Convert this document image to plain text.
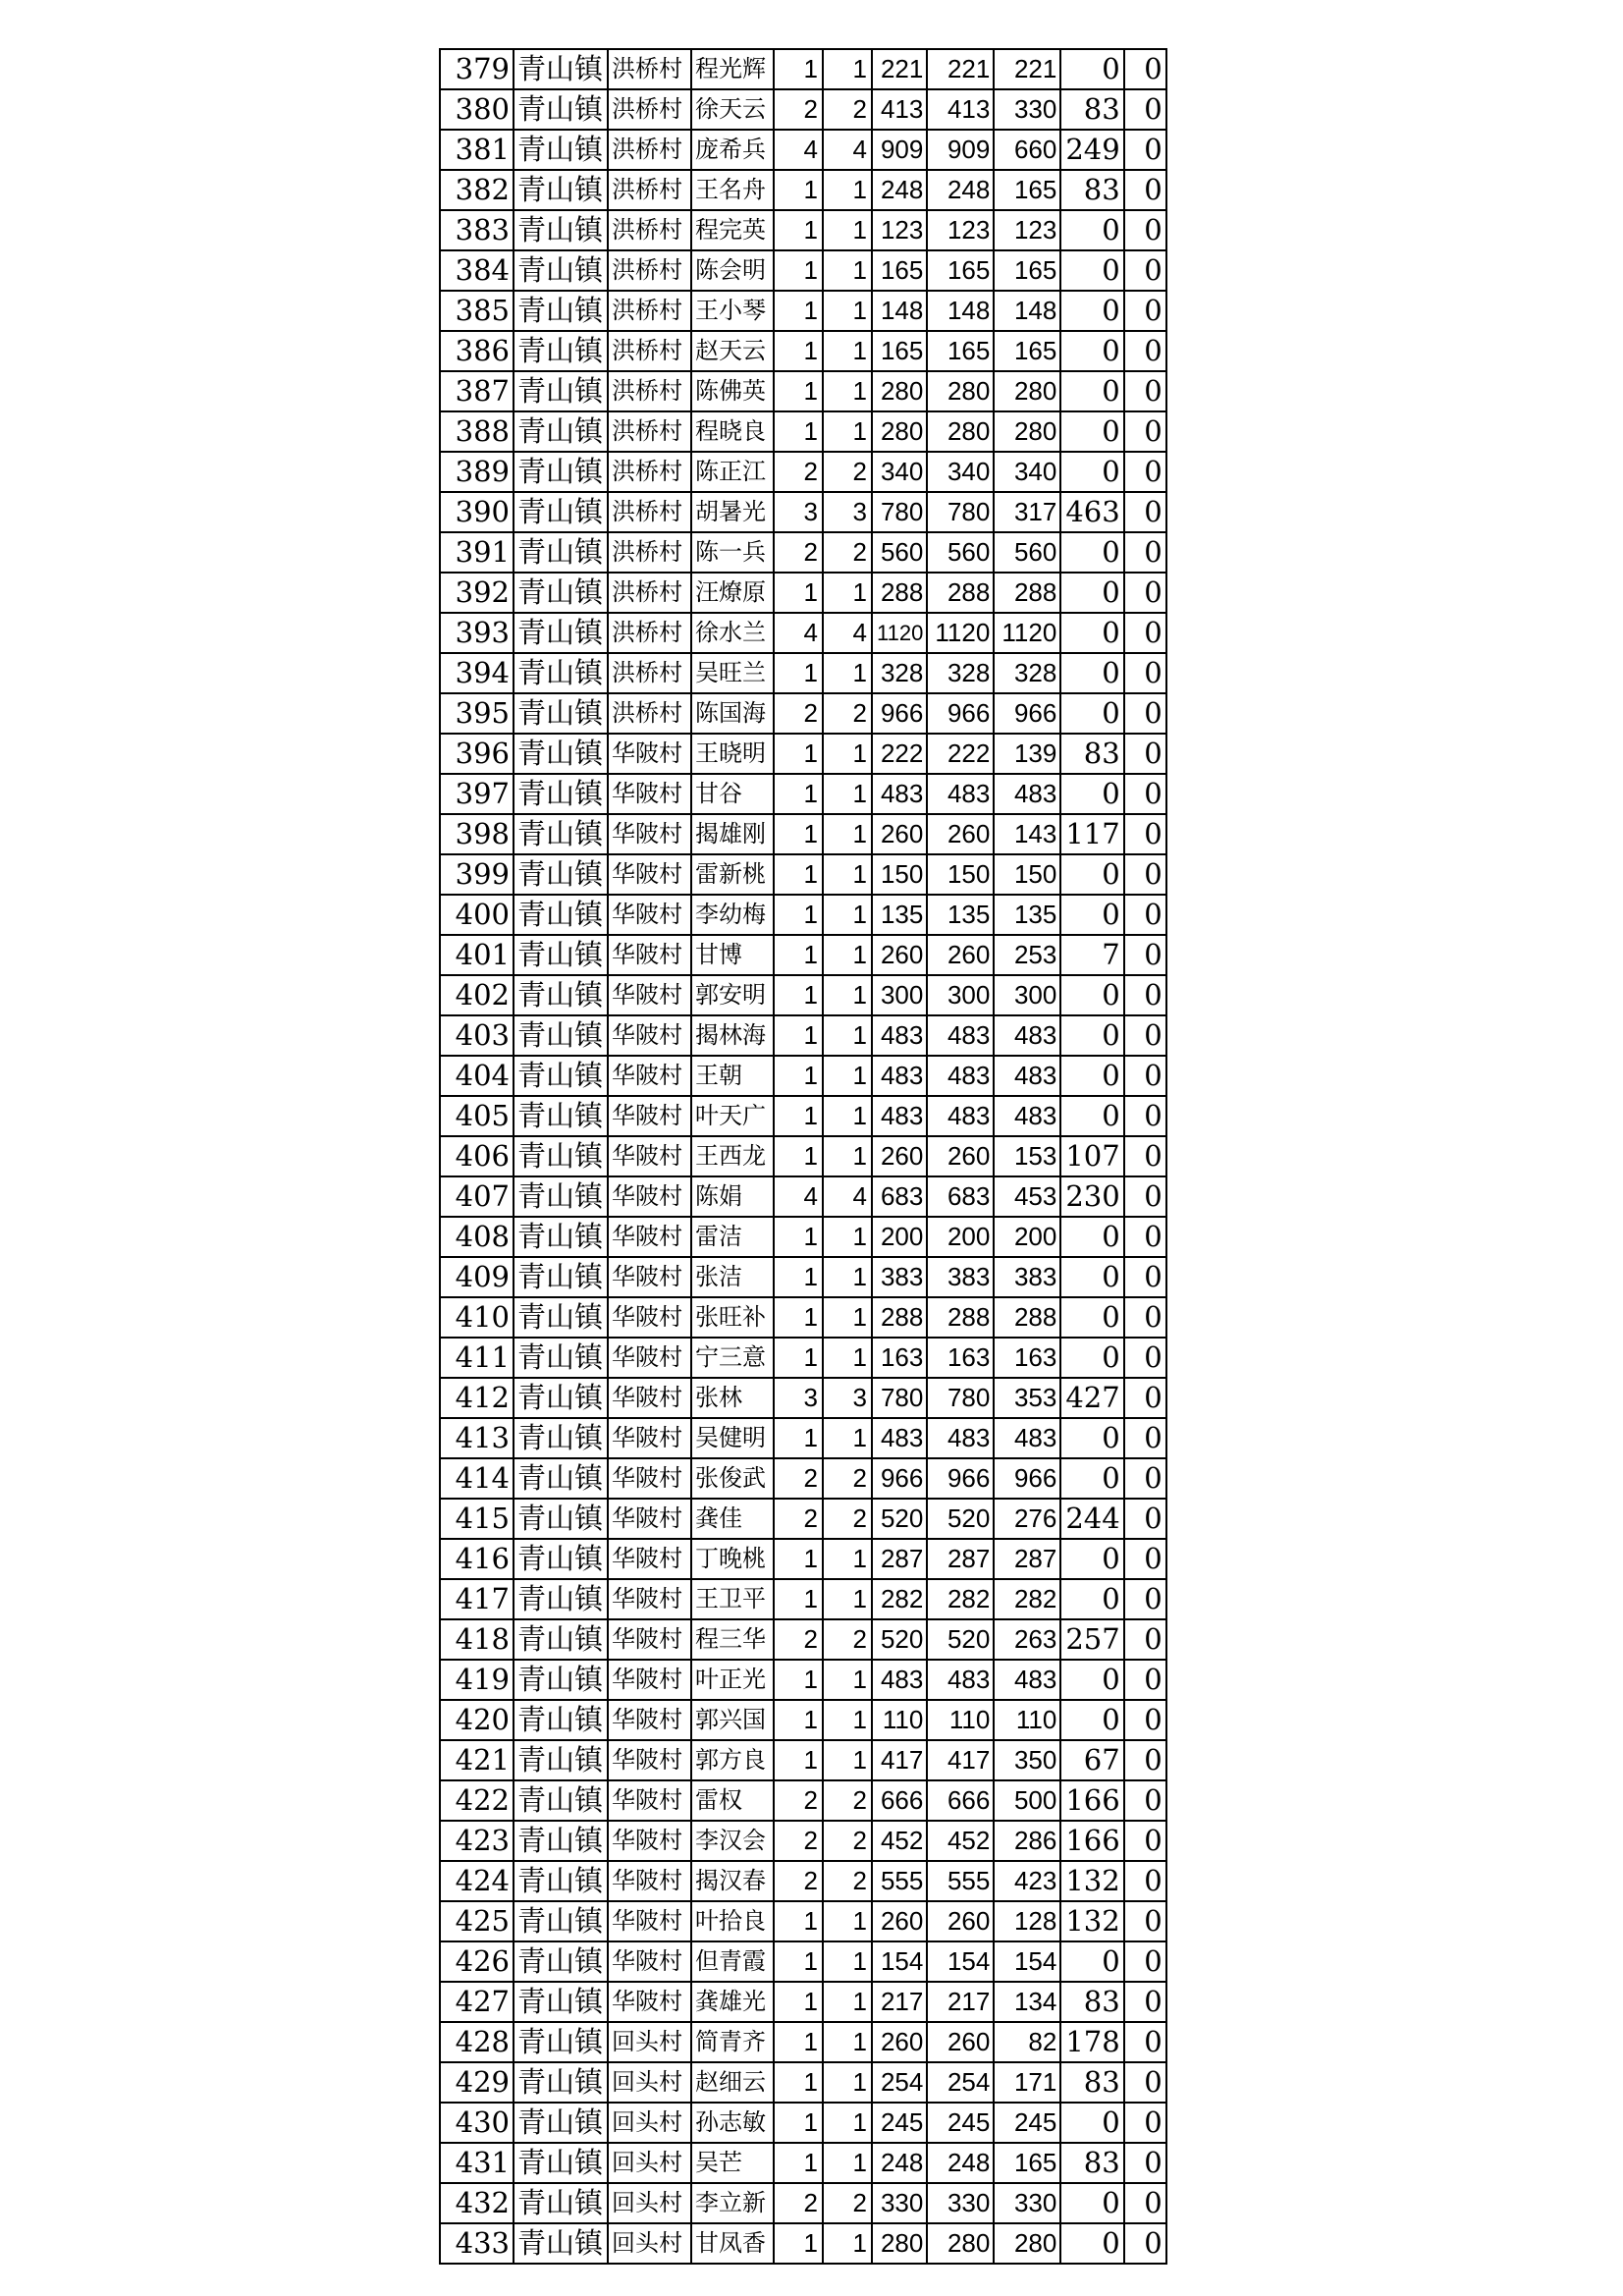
379	青山镇	洪桥村	程光辉	1	1	221	221	221	0	0
380	青山镇	洪桥村	徐天云	2	2	413	413	330	83	0
381	青山镇	洪桥村	庞希兵	4	4	909	909	660	249	0
382	青山镇	洪桥村	王名舟	1	1	248	248	165	83	0
383	青山镇	洪桥村	程完英	1	1	123	123	123	0	0
384	青山镇	洪桥村	陈会明	1	1	165	165	165	0	0
385	青山镇	洪桥村	王小琴	1	1	148	148	148	0	0
386	青山镇	洪桥村	赵天云	1	1	165	165	165	0	0
387	青山镇	洪桥村	陈佛英	1	1	280	280	280	0	0
388	青山镇	洪桥村	程晓良	1	1	280	280	280	0	0
389	青山镇	洪桥村	陈正江	2	2	340	340	340	0	0
390	青山镇	洪桥村	胡暑光	3	3	780	780	317	463	0
391	青山镇	洪桥村	陈一兵	2	2	560	560	560	0	0
392	青山镇	洪桥村	汪燎原	1	1	288	288	288	0	0
393	青山镇	洪桥村	徐水兰	4	4	1120	1120	1120	0	0
394	青山镇	洪桥村	吴旺兰	1	1	328	328	328	0	0
395	青山镇	洪桥村	陈国海	2	2	966	966	966	0	0
396	青山镇	华陂村	王晓明	1	1	222	222	139	83	0
397	青山镇	华陂村	甘谷	1	1	483	483	483	0	0
398	青山镇	华陂村	揭雄刚	1	1	260	260	143	117	0
399	青山镇	华陂村	雷新桃	1	1	150	150	150	0	0
400	青山镇	华陂村	李幼梅	1	1	135	135	135	0	0
401	青山镇	华陂村	甘博	1	1	260	260	253	7	0
402	青山镇	华陂村	郭安明	1	1	300	300	300	0	0
403	青山镇	华陂村	揭林海	1	1	483	483	483	0	0
404	青山镇	华陂村	王朝	1	1	483	483	483	0	0
405	青山镇	华陂村	叶天广	1	1	483	483	483	0	0
406	青山镇	华陂村	王西龙	1	1	260	260	153	107	0
407	青山镇	华陂村	陈娟	4	4	683	683	453	230	0
408	青山镇	华陂村	雷洁	1	1	200	200	200	0	0
409	青山镇	华陂村	张洁	1	1	383	383	383	0	0
410	青山镇	华陂村	张旺补	1	1	288	288	288	0	0
411	青山镇	华陂村	宁三意	1	1	163	163	163	0	0
412	青山镇	华陂村	张林	3	3	780	780	353	427	0
413	青山镇	华陂村	吴健明	1	1	483	483	483	0	0
414	青山镇	华陂村	张俊武	2	2	966	966	966	0	0
415	青山镇	华陂村	龚佳	2	2	520	520	276	244	0
416	青山镇	华陂村	丁晚桃	1	1	287	287	287	0	0
417	青山镇	华陂村	王卫平	1	1	282	282	282	0	0
418	青山镇	华陂村	程三华	2	2	520	520	263	257	0
419	青山镇	华陂村	叶正光	1	1	483	483	483	0	0
420	青山镇	华陂村	郭兴国	1	1	110	110	110	0	0
421	青山镇	华陂村	郭方良	1	1	417	417	350	67	0
422	青山镇	华陂村	雷权	2	2	666	666	500	166	0
423	青山镇	华陂村	李汉会	2	2	452	452	286	166	0
424	青山镇	华陂村	揭汉春	2	2	555	555	423	132	0
425	青山镇	华陂村	叶拾良	1	1	260	260	128	132	0
426	青山镇	华陂村	但青霞	1	1	154	154	154	0	0
427	青山镇	华陂村	龚雄光	1	1	217	217	134	83	0
428	青山镇	回头村	简青齐	1	1	260	260	82	178	0
429	青山镇	回头村	赵细云	1	1	254	254	171	83	0
430	青山镇	回头村	孙志敏	1	1	245	245	245	0	0
431	青山镇	回头村	吴芒	1	1	248	248	165	83	0
432	青山镇	回头村	李立新	2	2	330	330	330	0	0
433	青山镇	回头村	甘凤香	1	1	280	280	280	0	0
